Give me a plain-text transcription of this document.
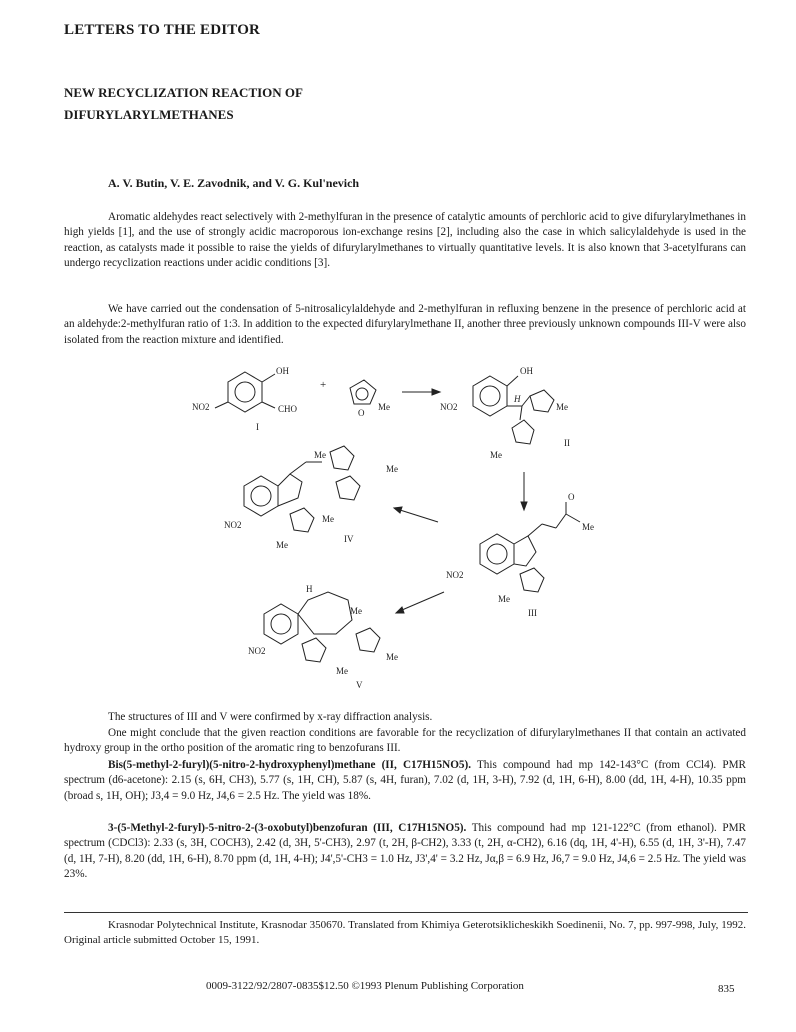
LETTERS TO THE EDITOR
NEW RECYCLIZATION REACTION OF
DIFURYLARYLMETHANES
A. V. Butin, V. E. Zavodnik, and V. G. Kul'nevich
Aromatic aldehydes react selectively with 2-methylfuran in the presence of catalytic amounts of perchloric acid to give difurylarylmethanes in high yields [1], and the use of strongly acidic macroporous ion-exchange resins [2], including also the case in which salicylaldehyde is used in the reaction, as catalysts made it possible to raise the yields of difurylarylmethanes to virtually quantitative levels. It is also known that 3-acetylfurans can undergo recyclization reactions under acidic conditions [3].
We have carried out the condensation of 5-nitrosalicylaldehyde and 2-methylfuran in refluxing benzene in the presence of perchloric acid at an aldehyde:2-methylfuran ratio of 1:3. In addition to the expected difurylarylmethane II, another three previously unknown compounds III-V were also isolated from the reaction mixture and identified.
OH
CHO
NO2
I
+
O
Me
OH
H
NO2	Me
Me
II
O
Me
NO2
Me
III
Me
Me
Me
NO2
Me
IV
H
Me
NO2
Me
Me
V
The structures of III and V were confirmed by x-ray diffraction analysis.
One might conclude that the given reaction conditions are favorable for the recyclization of difurylarylmethanes II that contain an activated hydroxy group in the ortho position of the aromatic ring to benzofurans III.
Bis(5-methyl-2-furyl)(5-nitro-2-hydroxyphenyl)methane (II, C17H15NO5). This compound had mp 142-143°C (from CCl4). PMR spectrum (d6-acetone): 2.15 (s, 6H, CH3), 5.77 (s, 1H, CH), 5.87 (s, 4H, furan), 7.02 (d, 1H, 3-H), 7.92 (d, 1H, 6-H), 8.00 (dd, 1H, 4-H), 10.35 ppm (broad s, 1H, OH); J3,4 = 9.0 Hz, J4,6 = 2.5 Hz. The yield was 18%.
3-(5-Methyl-2-furyl)-5-nitro-2-(3-oxobutyl)benzofuran (III, C17H15NO5). This compound had mp 121-122°C (from ethanol). PMR spectrum (CDCl3): 2.33 (s, 3H, COCH3), 2.42 (d, 3H, 5'-CH3), 2.97 (t, 2H, β-CH2), 3.33 (t, 2H, α-CH2), 6.16 (dq, 1H, 4'-H), 6.55 (d, 1H, 3'-H), 7.47 (d, 1H, 7-H), 8.20 (dd, 1H, 6-H), 8.70 ppm (d, 1H, 4-H); J4',5'-CH3 = 1.0 Hz, J3',4' = 3.2 Hz, Jα,β = 6.9 Hz, J6,7 = 9.0 Hz, J4,6 = 2.5 Hz. The yield was 23%.
Krasnodar Polytechnical Institute, Krasnodar 350670. Translated from Khimiya Geterotsiklicheskikh Soedinenii, No. 7, pp. 997-998, July, 1992. Original article submitted October 15, 1991.
0009-3122/92/2807-0835$12.50 ©1993 Plenum Publishing Corporation	835
